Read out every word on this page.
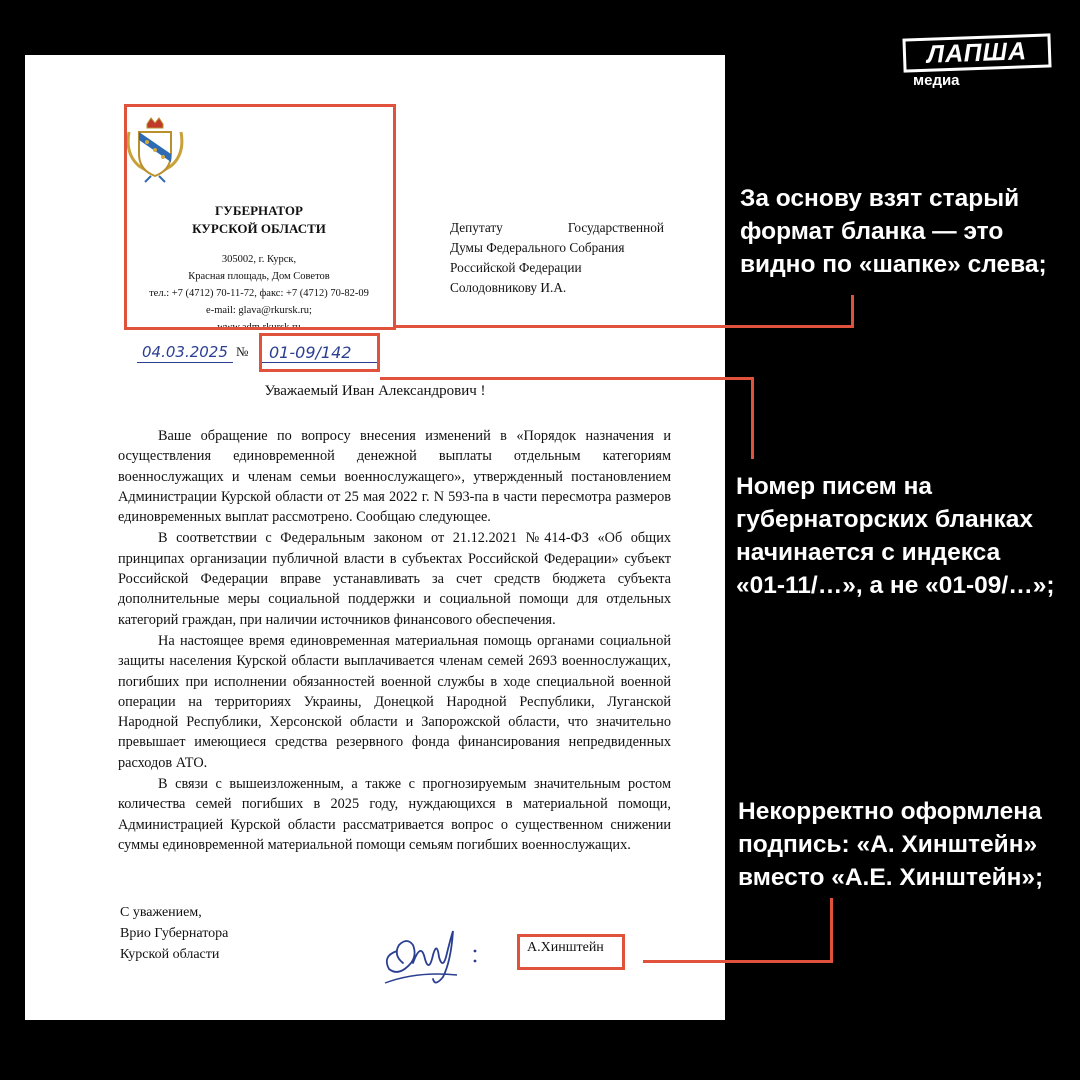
ЛАПША
медиа
ГУБЕРНАТОР
КУРСКОЙ ОБЛАСТИ
305002, г. Курск,
Красная площадь, Дом Советов
тел.: +7 (4712) 70-11-72, факс: +7 (4712) 70-82-09
e-mail: glava@rkursk.ru;
www.adm.rkursk.ru
Депутату	Государственной
Думы Федерального Собрания
Российской Федерации
Солодовникову И.А.
04.03.2025 № 01-09/142
Уважаемый Иван Александрович !

Ваше обращение по вопросу внесения изменений в «Порядок назначения и осуществления единовременной денежной выплаты отдельным категориям военнослужащих и членам семьи военнослужащего», утвержденный постановлением Администрации Курской области от 25 мая 2022 г. N 593-па в части пересмотра размеров единовременных выплат рассмотрено. Сообщаю следующее.

В соответствии с Федеральным законом от 21.12.2021 №414-ФЗ «Об общих принципах организации публичной власти в субъектах Российской Федерации» субъект Российской Федерации вправе устанавливать за счет средств бюджета субъекта дополнительные меры социальной поддержки и социальной помощи для отдельных категорий граждан, при наличии источников финансового обеспечения.

На настоящее время единовременная материальная помощь органами социальной защиты населения Курской области выплачивается членам семей 2693 военнослужащих, погибших при исполнении обязанностей военной службы в ходе специальной военной операции на территориях Украины, Донецкой Народной Республики, Луганской Народной Республики, Херсонской области и Запорожской области, что значительно превышает имеющиеся средства резервного фонда финансирования непредвиденных расходов АТО.

В связи с вышеизложенным, а также с прогнозируемым значительным ростом количества семей погибших в 2025 году, нуждающихся в материальной помощи, Администрацией Курской области рассматривается вопрос о существенном снижении суммы единовременной материальной помощи семьям погибших военнослужащих.

С уважением,
Врио Губернатора
Курской области	А.Хинштейн
За основу взят старый
формат бланка — это
видно по «шапке» слева;
Номер писем на
губернаторских бланках
начинается с индекса
«01-11/…», а не «01-09/…»;
Некорректно оформлена
подпись: «А. Хинштейн»
вместо «А.Е. Хинштейн»;
